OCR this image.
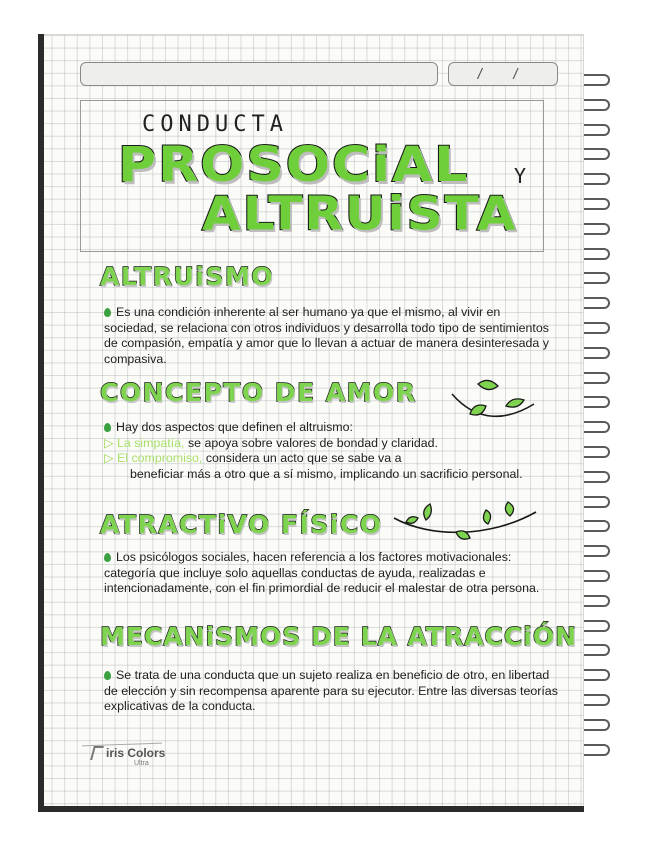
/ /
CONDUCTA
PROSOCiAL Y
ALTRUiSTA
ALTRUiSMO
Es una condición inherente al ser humano ya que el mismo, al vivir en sociedad, se relaciona con otros individuos y desarrolla todo tipo de sentimientos de compasión, empatía y amor que lo llevan a actuar de manera desinteresada y compasiva.
CONCEPTO DE AMOR
Hay dos aspectos que definen el altruismo:
▷ La simpatía, se apoya sobre valores de bondad y claridad.
▷ El compromiso, considera un acto que se sabe va a
beneficiar más a otro que a sí mismo, implicando un sacrificio personal.
ATRACTiVO FÍSiCO
Los psicólogos sociales, hacen referencia a los factores motivacionales: categoría que incluye solo aquellas conductas de ayuda, realizadas e intencionadamente, con el fin primordial de reducir el malestar de otra persona.
MECANiSMOS DE LA ATRACCiÓN
Se trata de una conducta que un sujeto realiza en beneficio de otro, en libertad de elección y sin recompensa aparente para su ejecutor. Entre las diversas teorías explicativas de la conducta.
iris Colors
Ultra
